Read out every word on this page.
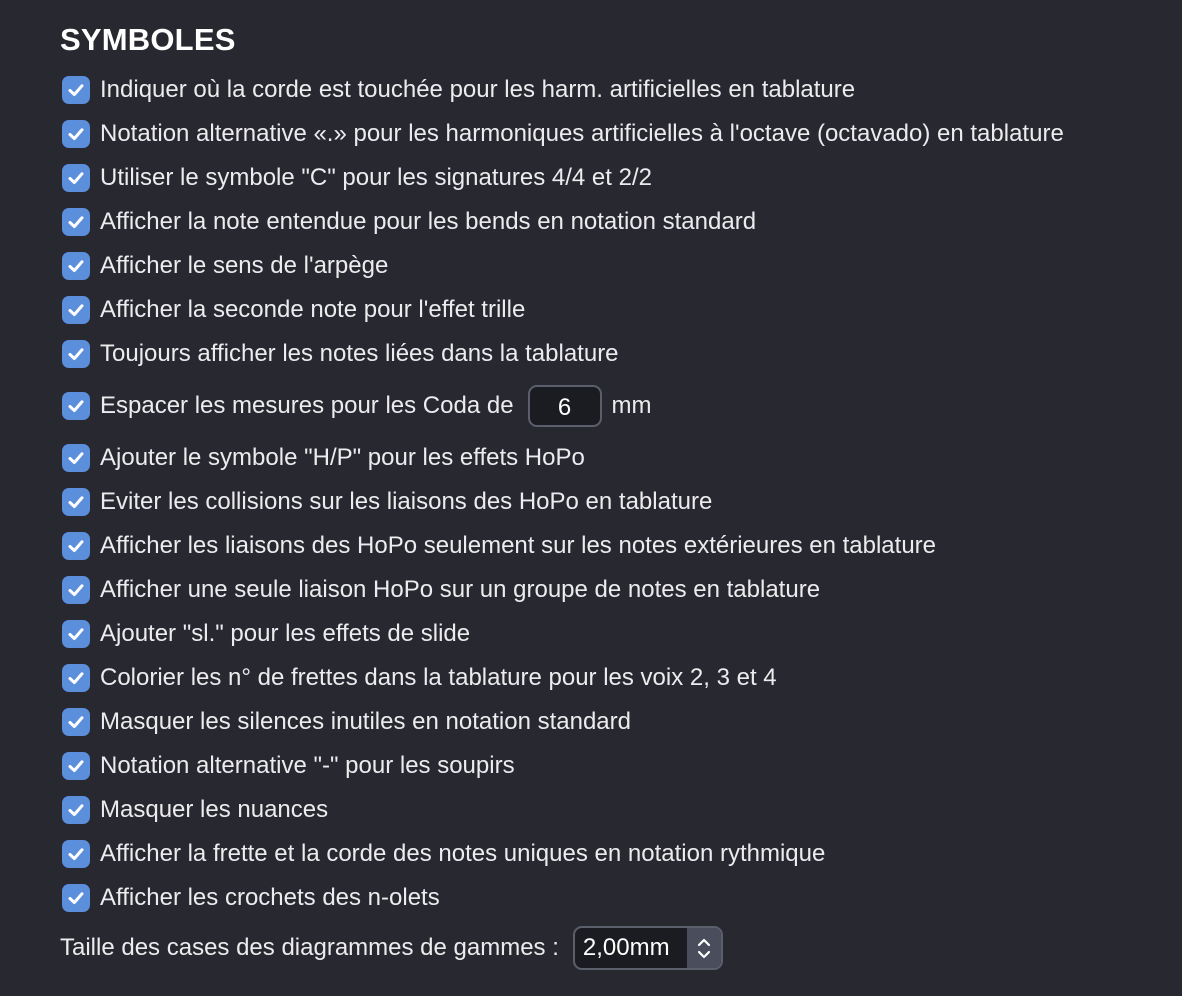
SYMBOLES
Indiquer où la corde est touchée pour les harm. artificielles en tablature
Notation alternative «.» pour les harmoniques artificielles à l'octave (octavado) en tablature
Utiliser le symbole "C" pour les signatures 4/4 et 2/2
Afficher la note entendue pour les bends en notation standard
Afficher le sens de l'arpège
Afficher la seconde note pour l'effet trille
Toujours afficher les notes liées dans la tablature
Espacer les mesures pour les Coda de	6	mm
Ajouter le symbole "H/P" pour les effets HoPo
Eviter les collisions sur les liaisons des HoPo en tablature
Afficher les liaisons des HoPo seulement sur les notes extérieures en tablature
Afficher une seule liaison HoPo sur un groupe de notes en tablature
Ajouter "sl." pour les effets de slide
Colorier les n° de frettes dans la tablature pour les voix 2, 3 et 4
Masquer les silences inutiles en notation standard
Notation alternative "-" pour les soupirs
Masquer les nuances
Afficher la frette et la corde des notes uniques en notation rythmique
Afficher les crochets des n-olets
Taille des cases des diagrammes de gammes :	2,00mm
